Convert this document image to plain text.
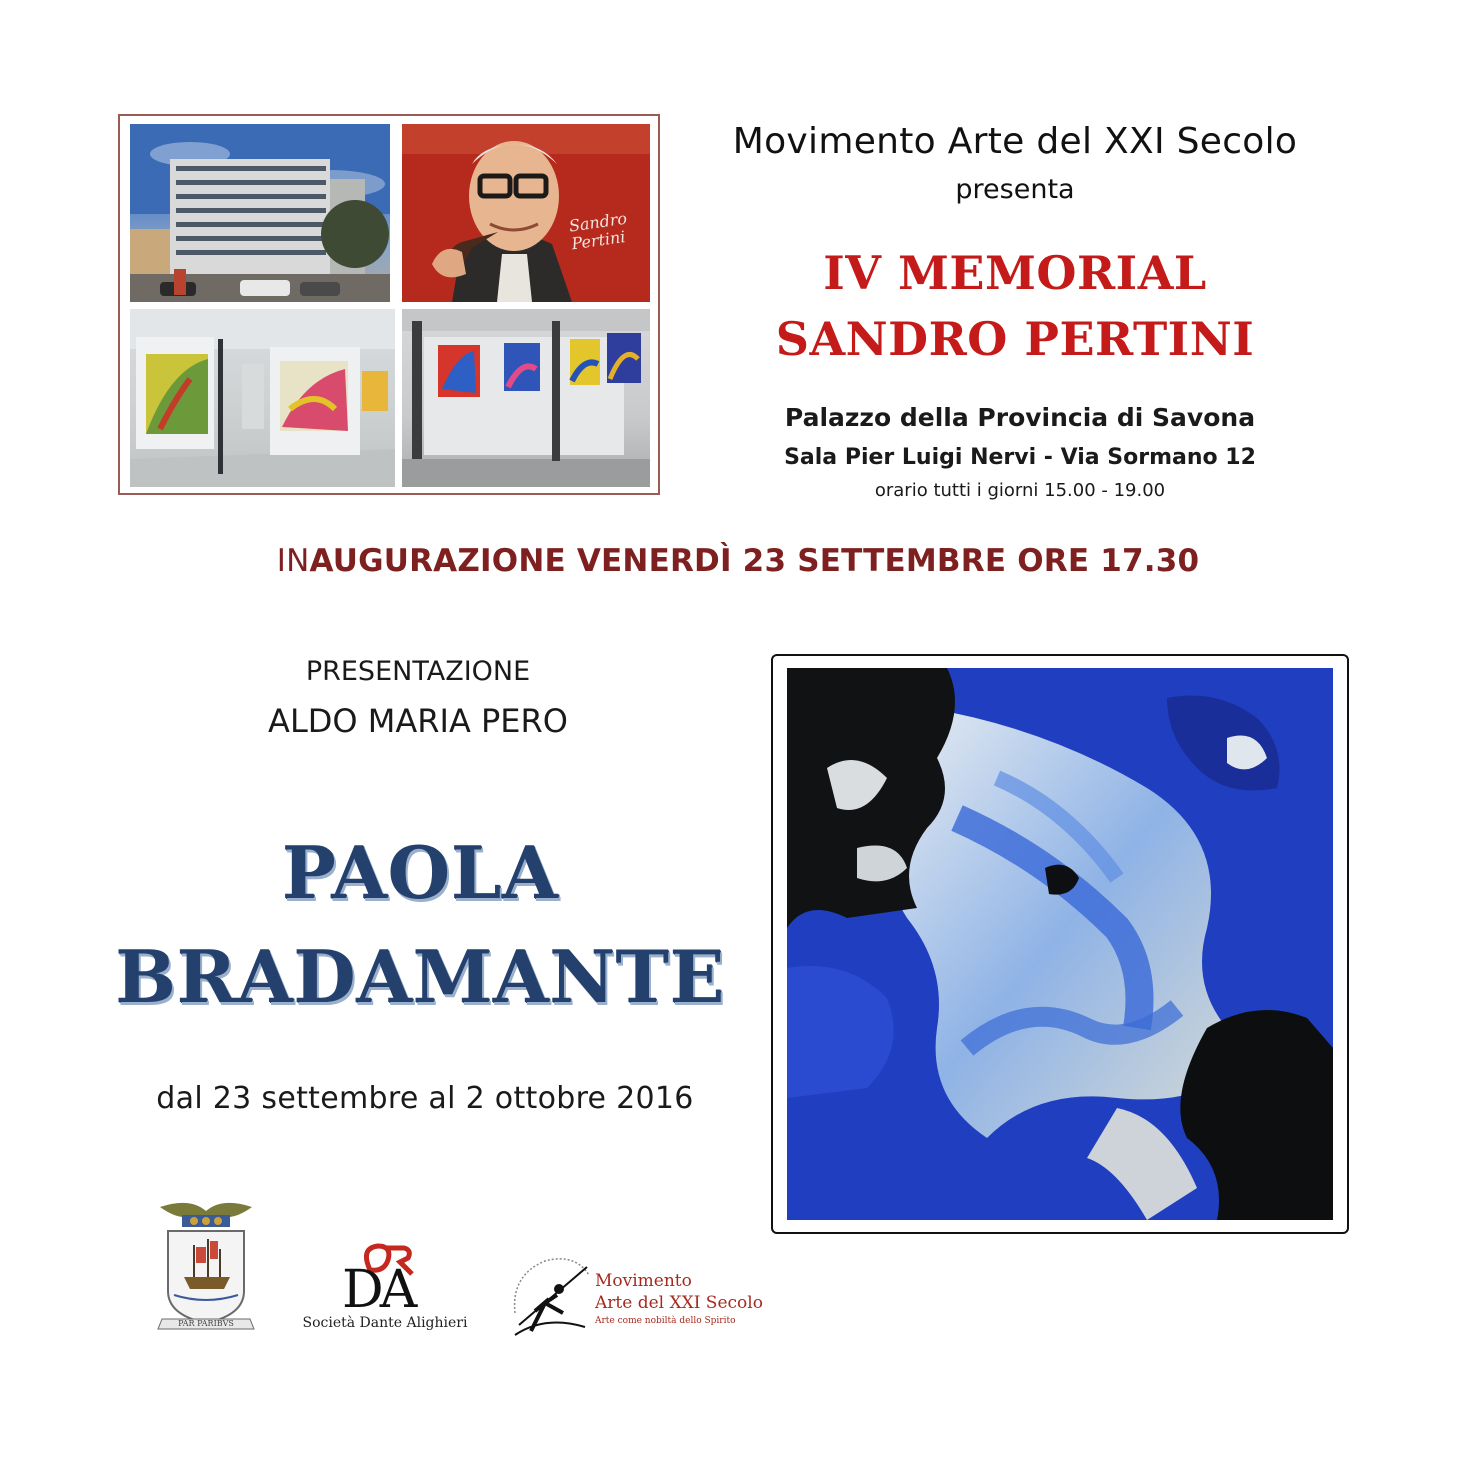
Sandro Pertini
Movimento Arte del XXI Secolo
presenta
IV MEMORIAL
SANDRO PERTINI
Palazzo della Provincia di Savona
Sala Pier Luigi Nervi - Via Sormano 12
orario tutti i giorni 15.00 - 19.00
INAUGURAZIONE VENERDÌ 23 SETTEMBRE ORE 17.30
PRESENTAZIONE
ALDO MARIA PERO
PAOLA
BRADAMANTE
dal 23 settembre al 2 ottobre 2016
PAR PARIBVS
DA
Società Dante Alighieri
Movimento
Arte del XXI Secolo
Arte come nobiltà dello Spirito
